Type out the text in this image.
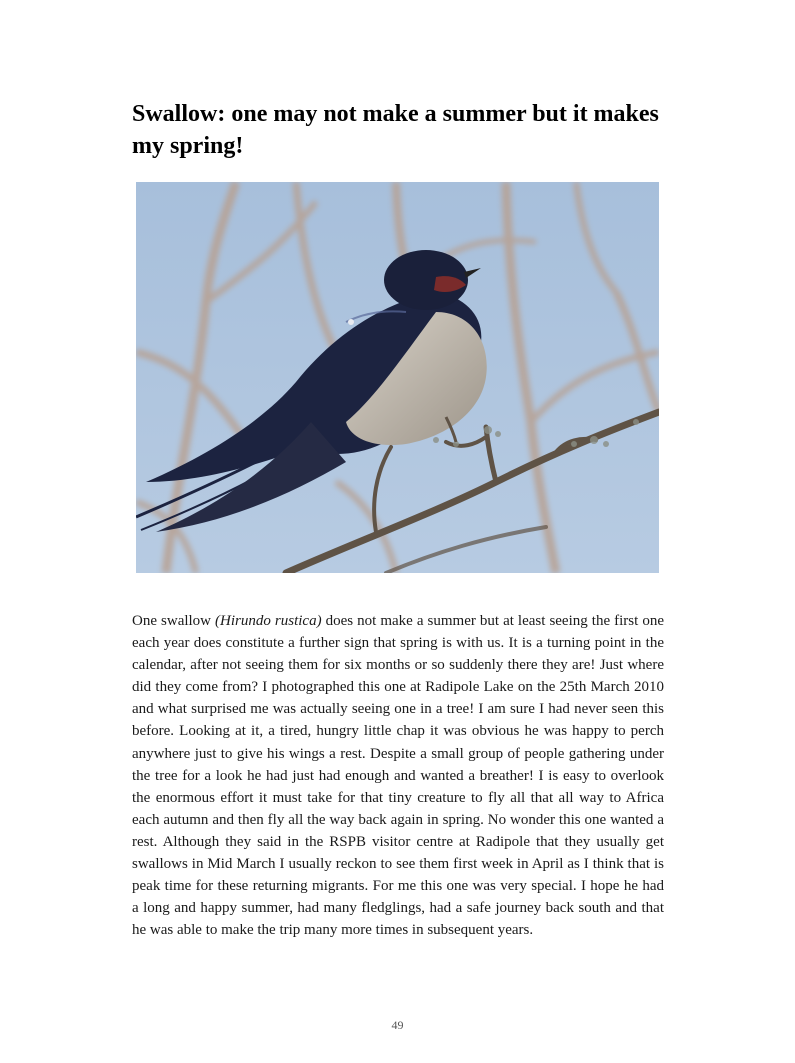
Swallow: one may not make a summer but it makes my spring!

One swallow (Hirundo rustica) does not make a summer but at least seeing the first one each year does constitute a further sign that spring is with us. It is a turning point in the calendar, after not seeing them for six months or so suddenly there they are! Just where did they come from? I photographed this one at Radipole Lake on the 25th March 2010 and what surprised me was actually seeing one in a tree! I am sure I had never seen this before. Looking at it, a tired, hungry little chap it was obvious he was happy to perch anywhere just to give his wings a rest. Despite a small group of people gathering under the tree for a look he had just had enough and wanted a breather! I is easy to overlook the enormous effort it must take for that tiny creature to fly all that all way to Africa each autumn and then fly all the way back again in spring. No wonder this one wanted a rest. Although they said in the RSPB visitor centre at Radipole that they usually get swallows in Mid March I usually reckon to see them first week in April as I think that is peak time for these returning migrants. For me this one was very special. I hope he had a long and happy summer, had many fledglings, had a safe journey back south and that he was able to make the trip many more times in subsequent years.

49
